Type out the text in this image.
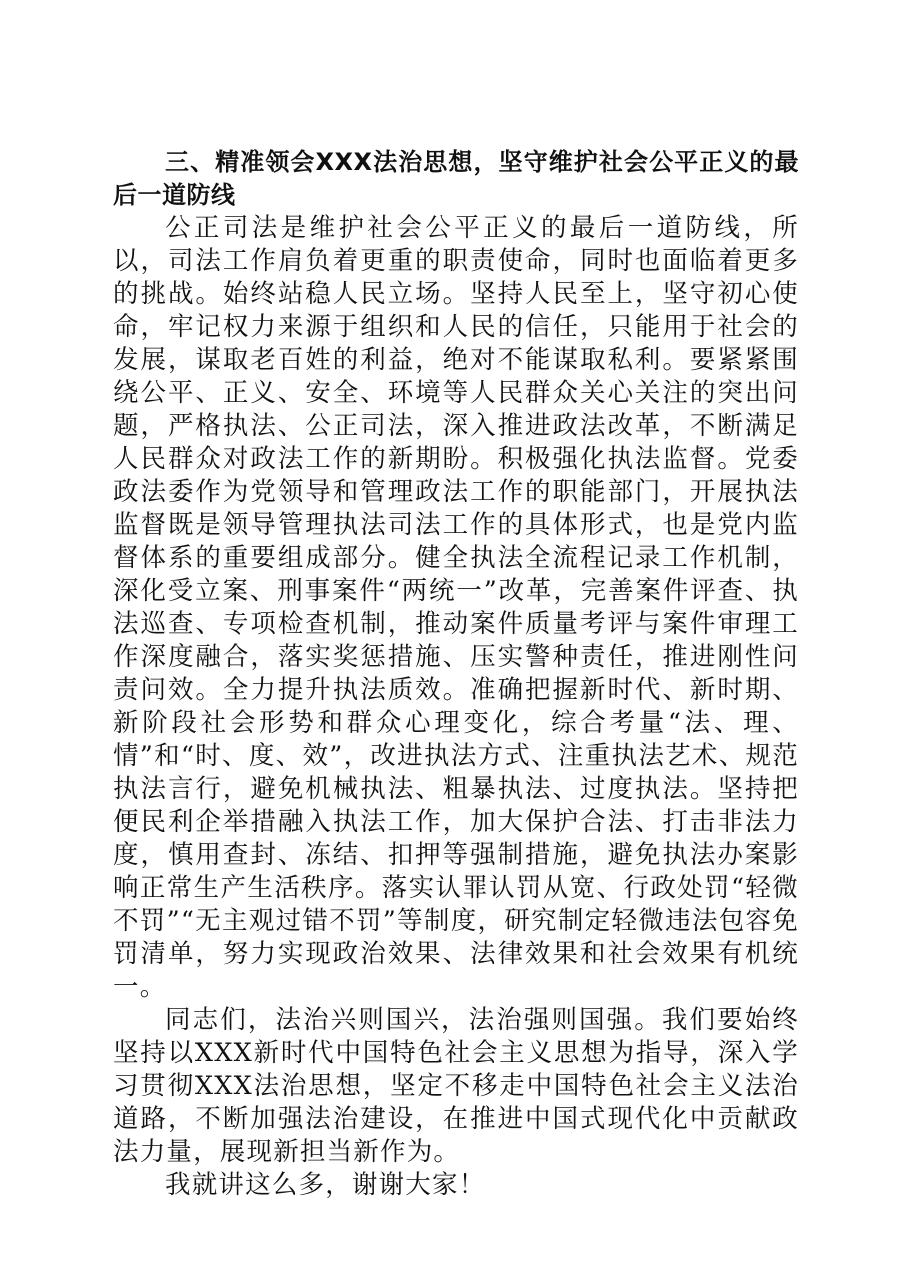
三、精准领会XXX法治思想，坚守维护社会公平正义的最后一道防线

公正司法是维护社会公平正义的最后一道防线，所以，司法工作肩负着更重的职责使命，同时也面临着更多的挑战。始终站稳人民立场。坚持人民至上，坚守初心使命，牢记权力来源于组织和人民的信任，只能用于社会的发展，谋取老百姓的利益，绝对不能谋取私利。要紧紧围绕公平、正义、安全、环境等人民群众关心关注的突出问题，严格执法、公正司法，深入推进政法改革，不断满足人民群众对政法工作的新期盼。积极强化执法监督。党委政法委作为党领导和管理政法工作的职能部门，开展执法监督既是领导管理执法司法工作的具体形式，也是党内监督体系的重要组成部分。健全执法全流程记录工作机制，深化受立案、刑事案件“两统一”改革，完善案件评查、执法巡查、专项检查机制，推动案件质量考评与案件审理工作深度融合，落实奖惩措施、压实警种责任，推进刚性问责问效。全力提升执法质效。准确把握新时代、新时期、新阶段社会形势和群众心理变化，综合考量“法、理、情”和“时、度、效”，改进执法方式、注重执法艺术、规范执法言行，避免机械执法、粗暴执法、过度执法。坚持把便民利企举措融入执法工作，加大保护合法、打击非法力度，慎用查封、冻结、扣押等强制措施，避免执法办案影响正常生产生活秩序。落实认罪认罚从宽、行政处罚“轻微不罚”“无主观过错不罚”等制度，研究制定轻微违法包容免罚清单，努力实现政治效果、法律效果和社会效果有机统一。

同志们，法治兴则国兴，法治强则国强。我们要始终坚持以XXX新时代中国特色社会主义思想为指导，深入学习贯彻XXX法治思想，坚定不移走中国特色社会主义法治道路，不断加强法治建设，在推进中国式现代化中贡献政法力量，展现新担当新作为。

我就讲这么多，谢谢大家！
